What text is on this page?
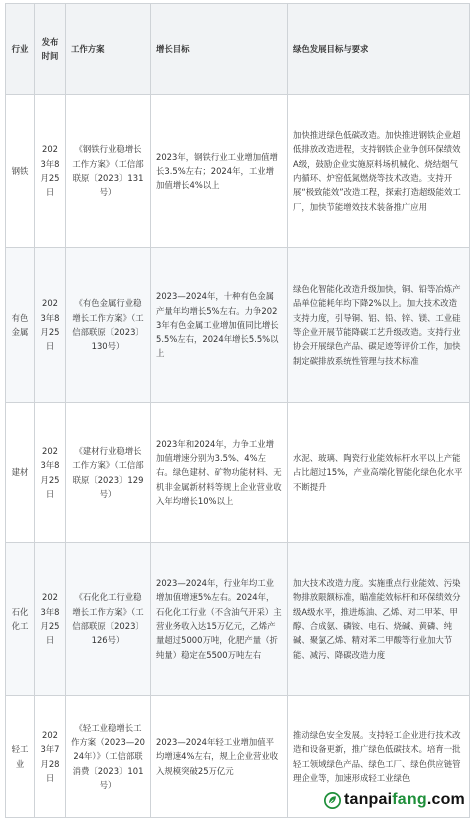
行业	发布时间	工作方案	增长目标	绿色发展目标与要求
钢铁	2023年8月25日	《钢铁行业稳增长工作方案》（工信部联原〔2023〕131号）	2023年，钢铁行业工业增加值增长3.5%左右；2024年，工业增加值增长4%以上	加快推进绿色低碳改造。加快推进钢铁企业超低排放改造进程，支持钢铁企业争创环保绩效A级，鼓励企业实施原料场机械化、烧结烟气内循环、炉窑低氮燃烧等技术改造。支持开展“极致能效”改造工程，探索打造超级能效工厂，加快节能增效技术装备推广应用
有色金属	2023年8月25日	《有色金属行业稳增长工作方案》（工信部联原〔2023〕130号）	2023—2024年，十种有色金属产量年均增长5%左右。力争2023年有色金属工业增加值同比增长5.5%左右，2024年增长5.5%以上	绿色化智能化改造升级加快，铜、铅等冶炼产品单位能耗年均下降2%以上。加大技术改造支持力度，引导铜、铝、铅、锌、镁、工业硅等企业开展节能降碳工艺升级改造。支持行业协会开展绿色产品、碳足迹等评价工作，加快制定碳排放系统性管理与技术标准
建材	2023年8月25日	《建材行业稳增长工作方案》（工信部联原〔2023〕129号）	2023年和2024年，力争工业增加值增速分别为3.5%、4%左右。绿色建材、矿物功能材料、无机非金属新材料等规上企业营业收入年均增长10%以上	水泥、玻璃、陶瓷行业能效标杆水平以上产能占比超过15%，产业高端化智能化绿色化水平不断提升
石化化工	2023年8月25日	《石化化工行业稳增长工作方案》（工信部联原〔2023〕126号）	2023—2024年，行业年均工业增加值增速5%左右。2024年，石化化工行业（不含油气开采）主营业务收入达15万亿元，乙烯产量超过5000万吨，化肥产量（折纯量）稳定在5500万吨左右	加大技术改造力度。实施重点行业能效、污染物排放限额标准，瞄准能效标杆和环保绩效分级A级水平，推进炼油、乙烯、对二甲苯、甲醇、合成氨、磷铵、电石、烧碱、黄磷、纯碱、聚氯乙烯、精对苯二甲酸等行业加大节能、减污、降碳改造力度
轻工业	2023年7月28日	《轻工业稳增长工作方案（2023—2024年）》（工信部联消费〔2023〕101号）	2023—2024年轻工业增加值平均增速4%左右，规上企业营业收入规模突破25万亿元	推动绿色安全发展。支持轻工企业进行技术改造和设备更新，推广绿色低碳技术。培育一批轻工领域绿色产品、绿色工厂、绿色供应链管理企业等，加速形成轻工业绿色
tanpaifang.com
